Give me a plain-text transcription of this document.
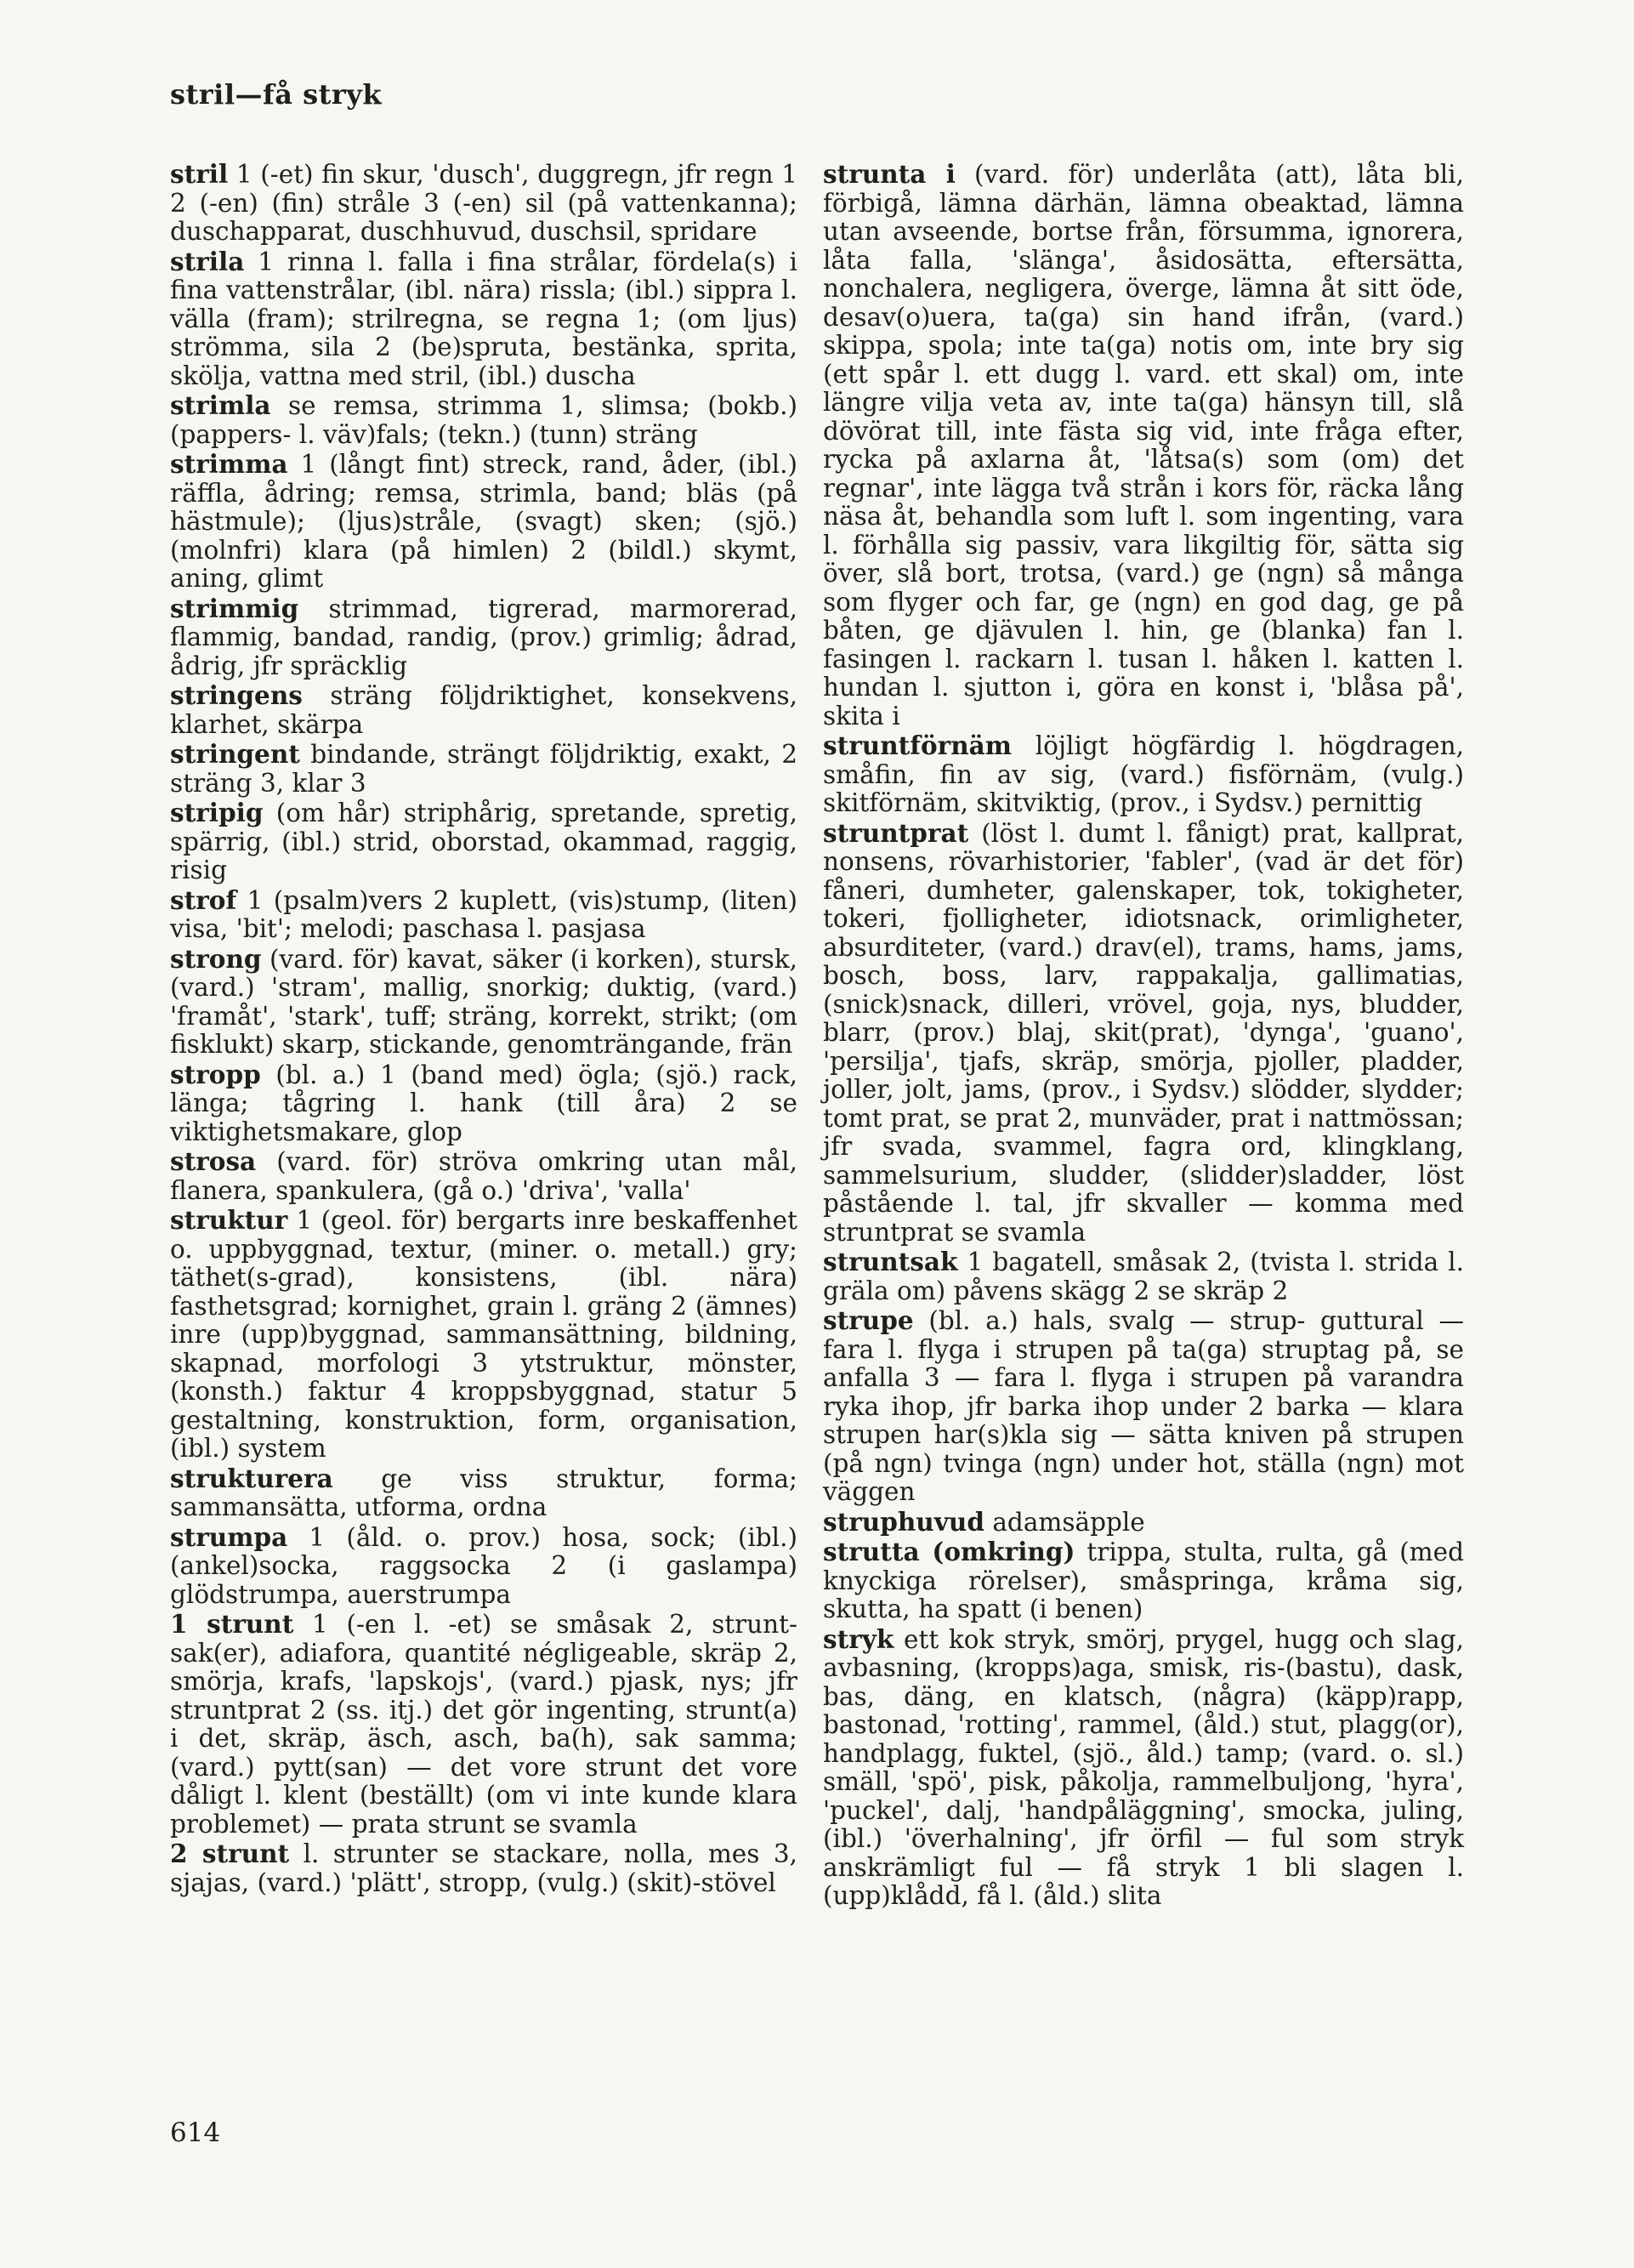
stril—få stryk
stril 1 (-et) fin skur, 'dusch', duggregn, jfr regn 1 2 (-en) (fin) stråle 3 (-en) sil (på vattenkanna); duschapparat, duschhuvud, duschsil, spridare
strila 1 rinna l. falla i fina strålar, fördela(s) i fina vattenstrålar, (ibl. nära) rissla; (ibl.) sippra l. välla (fram); strilregna, se regna 1; (om ljus) strömma, sila 2 (be)spruta, bestänka, sprita, skölja, vattna med stril, (ibl.) duscha
strimla se remsa, strimma 1, slimsa; (bokb.) (pappers- l. väv)fals; (tekn.) (tunn) sträng
strimma 1 (långt fint) streck, rand, åder, (ibl.) räffla, ådring; remsa, strimla, band; bläs (på hästmule); (ljus)stråle, (svagt) sken; (sjö.) (molnfri) klara (på himlen) 2 (bildl.) skymt, aning, glimt
strimmig strimmad, tigrerad, marmorerad, flammig, bandad, randig, (prov.) grimlig; ådrad, ådrig, jfr spräcklig
stringens sträng följdriktighet, konsekvens, klarhet, skärpa
stringent bindande, strängt följdriktig, exakt, 2 sträng 3, klar 3
stripig (om hår) stripհårig, spretande, spretig, spärrig, (ibl.) strid, oborstad, okammad, raggig, risig
strof 1 (psalm)vers 2 kuplett, (vis)stump, (liten) visa, 'bit'; melodi; paschasa l. pasjasa
strong (vard. för) kavat, säker (i korken), stursk, (vard.) 'stram', mallig, snorkig; duktig, (vard.) 'framåt', 'stark', tuff; sträng, korrekt, strikt; (om fisklukt) skarp, stickande, genomträngande, frän
stropp (bl. a.) 1 (band med) ögla; (sjö.) rack, länga; tågring l. hank (till åra) 2 se viktighetsmakare, glop
strosa (vard. för) ströva omkring utan mål, flanera, spankulera, (gå o.) 'driva', 'valla'
struktur 1 (geol. för) bergarts inre beskaffenhet o. uppbyggnad, textur, (miner. o. metall.) gry; täthet(s-grad), konsistens, (ibl. nära) fasthetsgrad; kornighet, grain l. gräng 2 (ämnes) inre (upp)byggnad, sammansättning, bildning, skapnad, morfologi 3 ytstruktur, mönster, (konsth.) faktur 4 kroppsbyggnad, statur 5 gestaltning, konstruktion, form, organisation, (ibl.) system
strukturera ge viss struktur, forma; sammansätta, utforma, ordna
strumpa 1 (åld. o. prov.) hosa, sock; (ibl.) (ankel)socka, raggsocka 2 (i gaslampa) glödstrumpa, auerstrumpa
1 strunt 1 (-en l. -et) se småsak 2, strunt-sak(er), adiafora, quantité négligeable, skräp 2, smörja, krafs, 'lapskojs', (vard.) pjask, nys; jfr struntprat 2 (ss. itj.) det gör ingenting, strunt(a) i det, skräp, äsch, asch, ba(h), sak samma; (vard.) pytt(san) — det vore strunt det vore dåligt l. klent (beställt) (om vi inte kunde klara problemet) — prata strunt se svamla
2 strunt l. strunter se stackare, nolla, mes 3, sjajas, (vard.) 'plätt', stropp, (vulg.) (skit)-stövel
strunta i (vard. för) underlåta (att), låta bli, förbigå, lämna därhän, lämna obeaktad, lämna utan avseende, bortse från, försumma, ignorera, låta falla, 'slänga', åsidosätta, eftersätta, nonchalera, negligera, överge, lämna åt sitt öde, desav(o)uera, ta(ga) sin hand ifrån, (vard.) skippa, spola; inte ta(ga) notis om, inte bry sig (ett spår l. ett dugg l. vard. ett skal) om, inte längre vilja veta av, inte ta(ga) hänsyn till, slå dövörat till, inte fästa sig vid, inte fråga efter, rycka på axlarna åt, 'låtsa(s) som (om) det regnar', inte lägga två strån i kors för, räcka lång näsa åt, behandla som luft l. som ingenting, vara l. förhålla sig passiv, vara likgiltig för, sätta sig över, slå bort, trotsa, (vard.) ge (ngn) så många som flyger och far, ge (ngn) en god dag, ge på båten, ge djävulen l. hin, ge (blanka) fan l. fasingen l. rackarn l. tusan l. håken l. katten l. hundan l. sjutton i, göra en konst i, 'blåsa på', skita i
struntförnäm löjligt högfärdig l. högdragen, småfin, fin av sig, (vard.) fisförnäm, (vulg.) skitförnäm, skitviktig, (prov., i Sydsv.) pernittig
struntprat (löst l. dumt l. fånigt) prat, kallprat, nonsens, rövarhistorier, 'fabler', (vad är det för) fåneri, dumheter, galenskaper, tok, tokigheter, tokeri, fjolligheter, idiotsnack, orimligheter, absurditeter, (vard.) drav(el), trams, hams, jams, bosch, boss, larv, rappakalja, gallimatias, (snick)snack, dilleri, vrövel, goja, nys, bludder, blarr, (prov.) blaj, skit(prat), 'dynga', 'guano', 'persilja', tjafs, skräp, smörja, pjoller, pladder, joller, jolt, jams, (prov., i Sydsv.) slödder, slydder; tomt prat, se prat 2, munväder, prat i nattmössan; jfr svada, svammel, fagra ord, klingklang, sammelsurium, sludder, (slidder)sladder, löst påstående l. tal, jfr skvaller — komma med struntprat se svamla
struntsak 1 bagatell, småsak 2, (tvista l. strida l. gräla om) påvens skägg 2 se skräp 2
strupe (bl. a.) hals, svalg — strup- guttural — fara l. flyga i strupen på ta(ga) struptag på, se anfalla 3 — fara l. flyga i strupen på varandra ryka ihop, jfr barka ihop under 2 barka — klara strupen har(s)kla sig — sätta kniven på strupen (på ngn) tvinga (ngn) under hot, ställa (ngn) mot väggen
struphuvud adamsäpple
strutta (omkring) trippa, stulta, rulta, gå (med knyckiga rörelser), småspringa, kråma sig, skutta, ha spatt (i benen)
stryk ett kok stryk, smörj, prygel, hugg och slag, avbasning, (kropps)aga, smisk, ris-(bastu), dask, bas, däng, en klatsch, (några) (käpp)rapp, bastonad, 'rotting', rammel, (åld.) stut, plagg(or), handplagg, fuktel, (sjö., åld.) tamp; (vard. o. sl.) smäll, 'spö', pisk, påkolja, rammelbuljong, 'hyra', 'puckel', dalj, 'handpåläggning', smocka, juling, (ibl.) 'överhalning', jfr örfil — ful som stryk anskrämligt ful — få stryk 1 bli slagen l. (upp)klådd, få l. (åld.) slita
614
